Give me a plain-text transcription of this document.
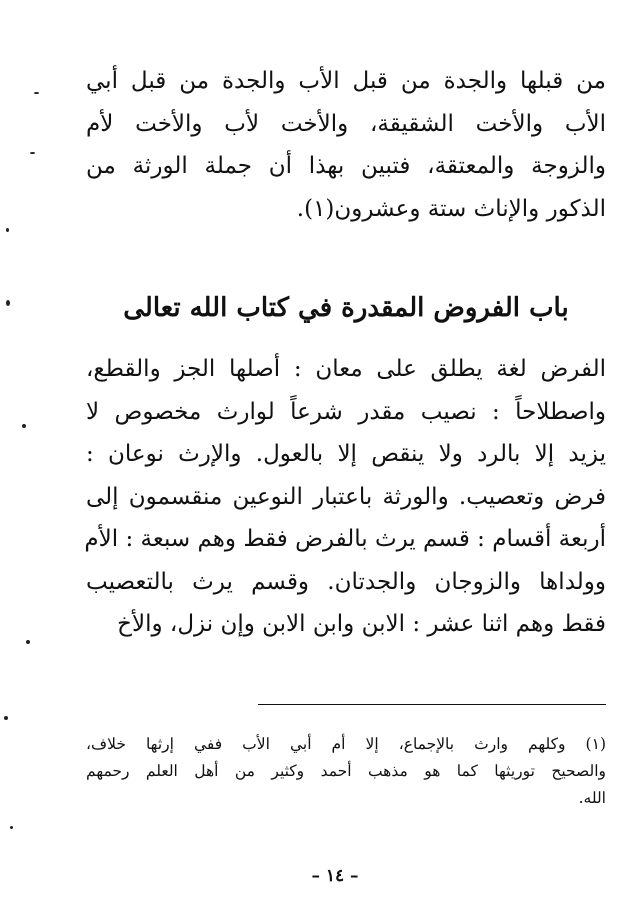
من قبلها والجدة من قبل الأب والجدة من قبل أبي
الأب والأخت الشقيقة، والأخت لأب والأخت لأم
والزوجة والمعتقة، فتبين بهذا أن جملة الورثة من
الذكور والإناث ستة وعشرون(١).
باب الفروض المقدرة في كتاب الله تعالى
الفرض لغة يطلق على معان : أصلها الجز والقطع،
واصطلاحاً : نصيب مقدر شرعاً لوارث مخصوص لا
يزيد إلا بالرد ولا ينقص إلا بالعول. والإرث نوعان :
فرض وتعصيب. والورثة باعتبار النوعين منقسمون إلى
أربعة أقسام : قسم يرث بالفرض فقط وهم سبعة : الأم
وولداها والزوجان والجدتان. وقسم يرث بالتعصيب
فقط وهم اثنا عشر : الابن وابن الابن وإن نزل، والأخ
(١) وكلهم وارث بالإجماع، إلا أم أبي الأب ففي إرثها خلاف،
والصحيح توريثها كما هو مذهب أحمد وكثير من أهل العلم رحمهم
الله.
– ١٤ –
